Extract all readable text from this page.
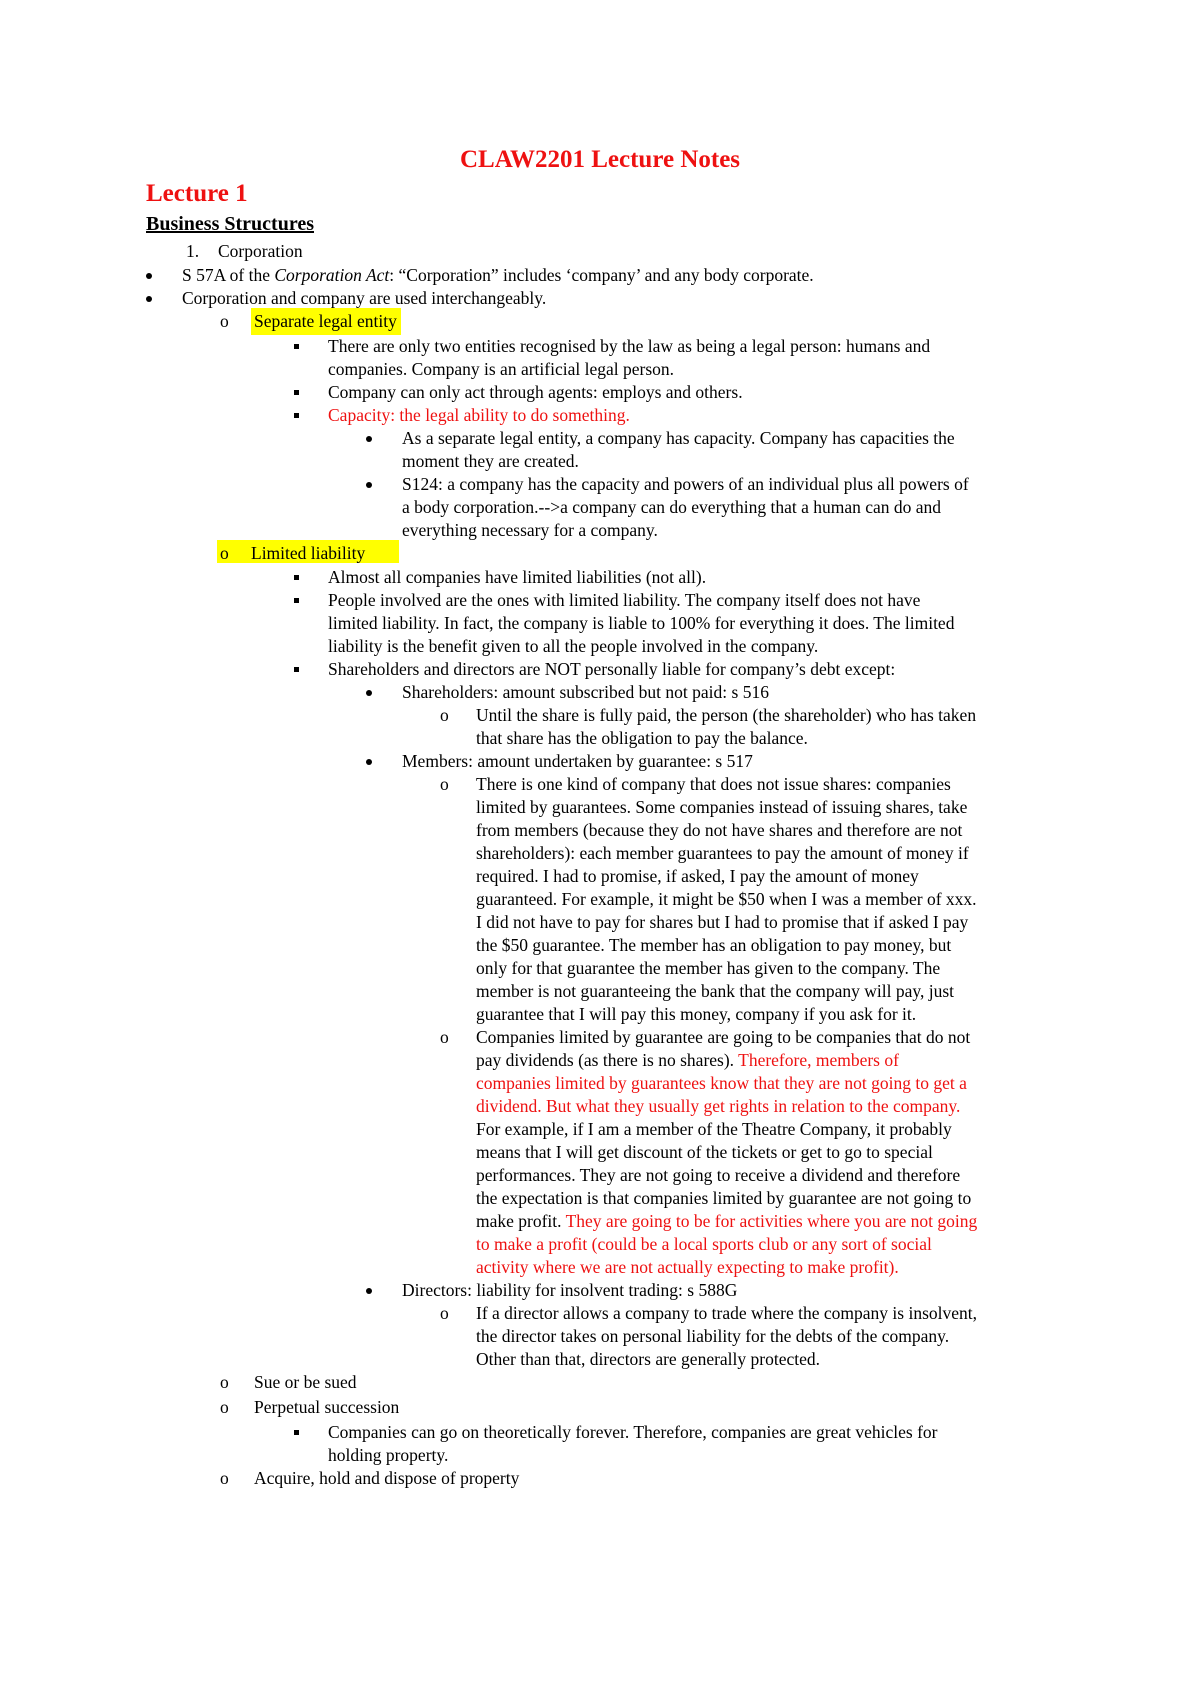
CLAW2201 Lecture Notes
Lecture 1
Business Structures
1. Corporation
S 57A of the Corporation Act: “Corporation” includes ‘company’ and any body corporate.
Corporation and company are used interchangeably.
o Separate legal entity
There are only two entities recognised by the law as being a legal person: humans and
companies. Company is an artificial legal person.
Company can only act through agents: employs and others.
Capacity: the legal ability to do something.
As a separate legal entity, a company has capacity. Company has capacities the
moment they are created.
S124: a company has the capacity and powers of an individual plus all powers of
a body corporation.-->a company can do everything that a human can do and
everything necessary for a company.
o Limited liability
Almost all companies have limited liabilities (not all).
People involved are the ones with limited liability. The company itself does not have
limited liability. In fact, the company is liable to 100% for everything it does. The limited
liability is the benefit given to all the people involved in the company.
Shareholders and directors are NOT personally liable for company’s debt except:
Shareholders: amount subscribed but not paid: s 516
o Until the share is fully paid, the person (the shareholder) who has taken
that share has the obligation to pay the balance.
Members: amount undertaken by guarantee: s 517
o There is one kind of company that does not issue shares: companies
limited by guarantees. Some companies instead of issuing shares, take
from members (because they do not have shares and therefore are not
shareholders): each member guarantees to pay the amount of money if
required. I had to promise, if asked, I pay the amount of money
guaranteed. For example, it might be $50 when I was a member of xxx.
I did not have to pay for shares but I had to promise that if asked I pay
the $50 guarantee. The member has an obligation to pay money, but
only for that guarantee the member has given to the company. The
member is not guaranteeing the bank that the company will pay, just
guarantee that I will pay this money, company if you ask for it.
o Companies limited by guarantee are going to be companies that do not
pay dividends (as there is no shares). Therefore, members of
companies limited by guarantees know that they are not going to get a
dividend. But what they usually get rights in relation to the company.
For example, if I am a member of the Theatre Company, it probably
means that I will get discount of the tickets or get to go to special
performances. They are not going to receive a dividend and therefore
the expectation is that companies limited by guarantee are not going to
make profit. They are going to be for activities where you are not going
to make a profit (could be a local sports club or any sort of social
activity where we are not actually expecting to make profit).
Directors: liability for insolvent trading: s 588G
o If a director allows a company to trade where the company is insolvent,
the director takes on personal liability for the debts of the company.
Other than that, directors are generally protected.
o Sue or be sued
o Perpetual succession
Companies can go on theoretically forever. Therefore, companies are great vehicles for
holding property.
o Acquire, hold and dispose of property
